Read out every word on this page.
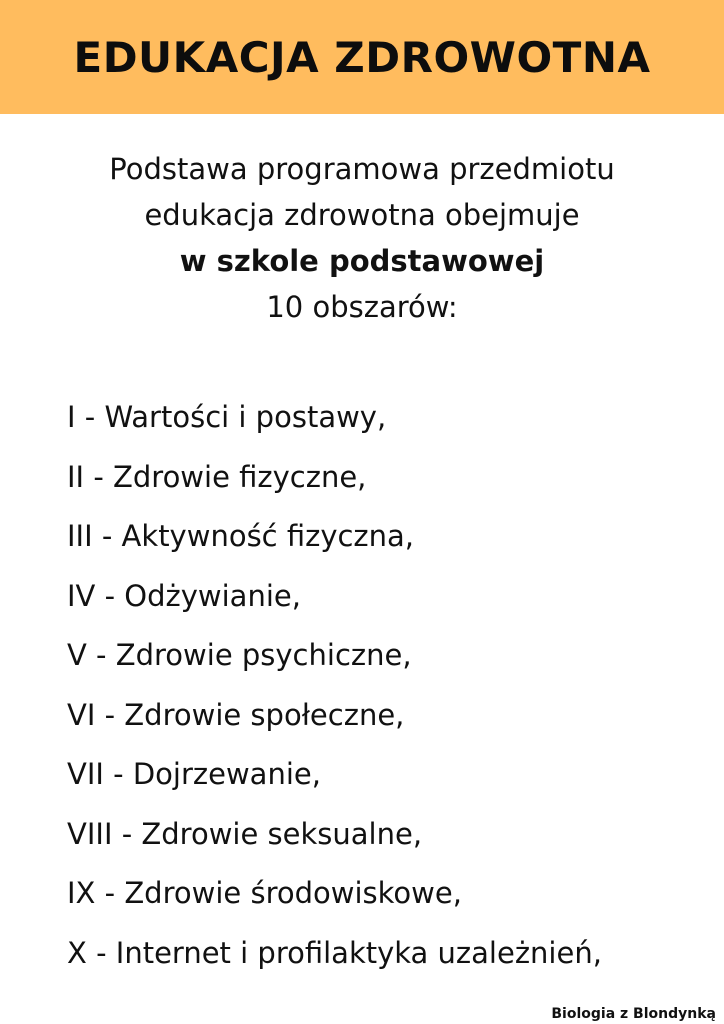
EDUKACJA ZDROWOTNA
Podstawa programowa przedmiotu
edukacja zdrowotna obejmuje
w szkole podstawowej
10 obszarów:
I - Wartości i postawy,
II - Zdrowie fizyczne,
III - Aktywność fizyczna,
IV - Odżywianie,
V - Zdrowie psychiczne,
VI - Zdrowie społeczne,
VII - Dojrzewanie,
VIII - Zdrowie seksualne,
IX - Zdrowie środowiskowe,
X - Internet i profilaktyka uzależnień,
Biologia z Blondynką
